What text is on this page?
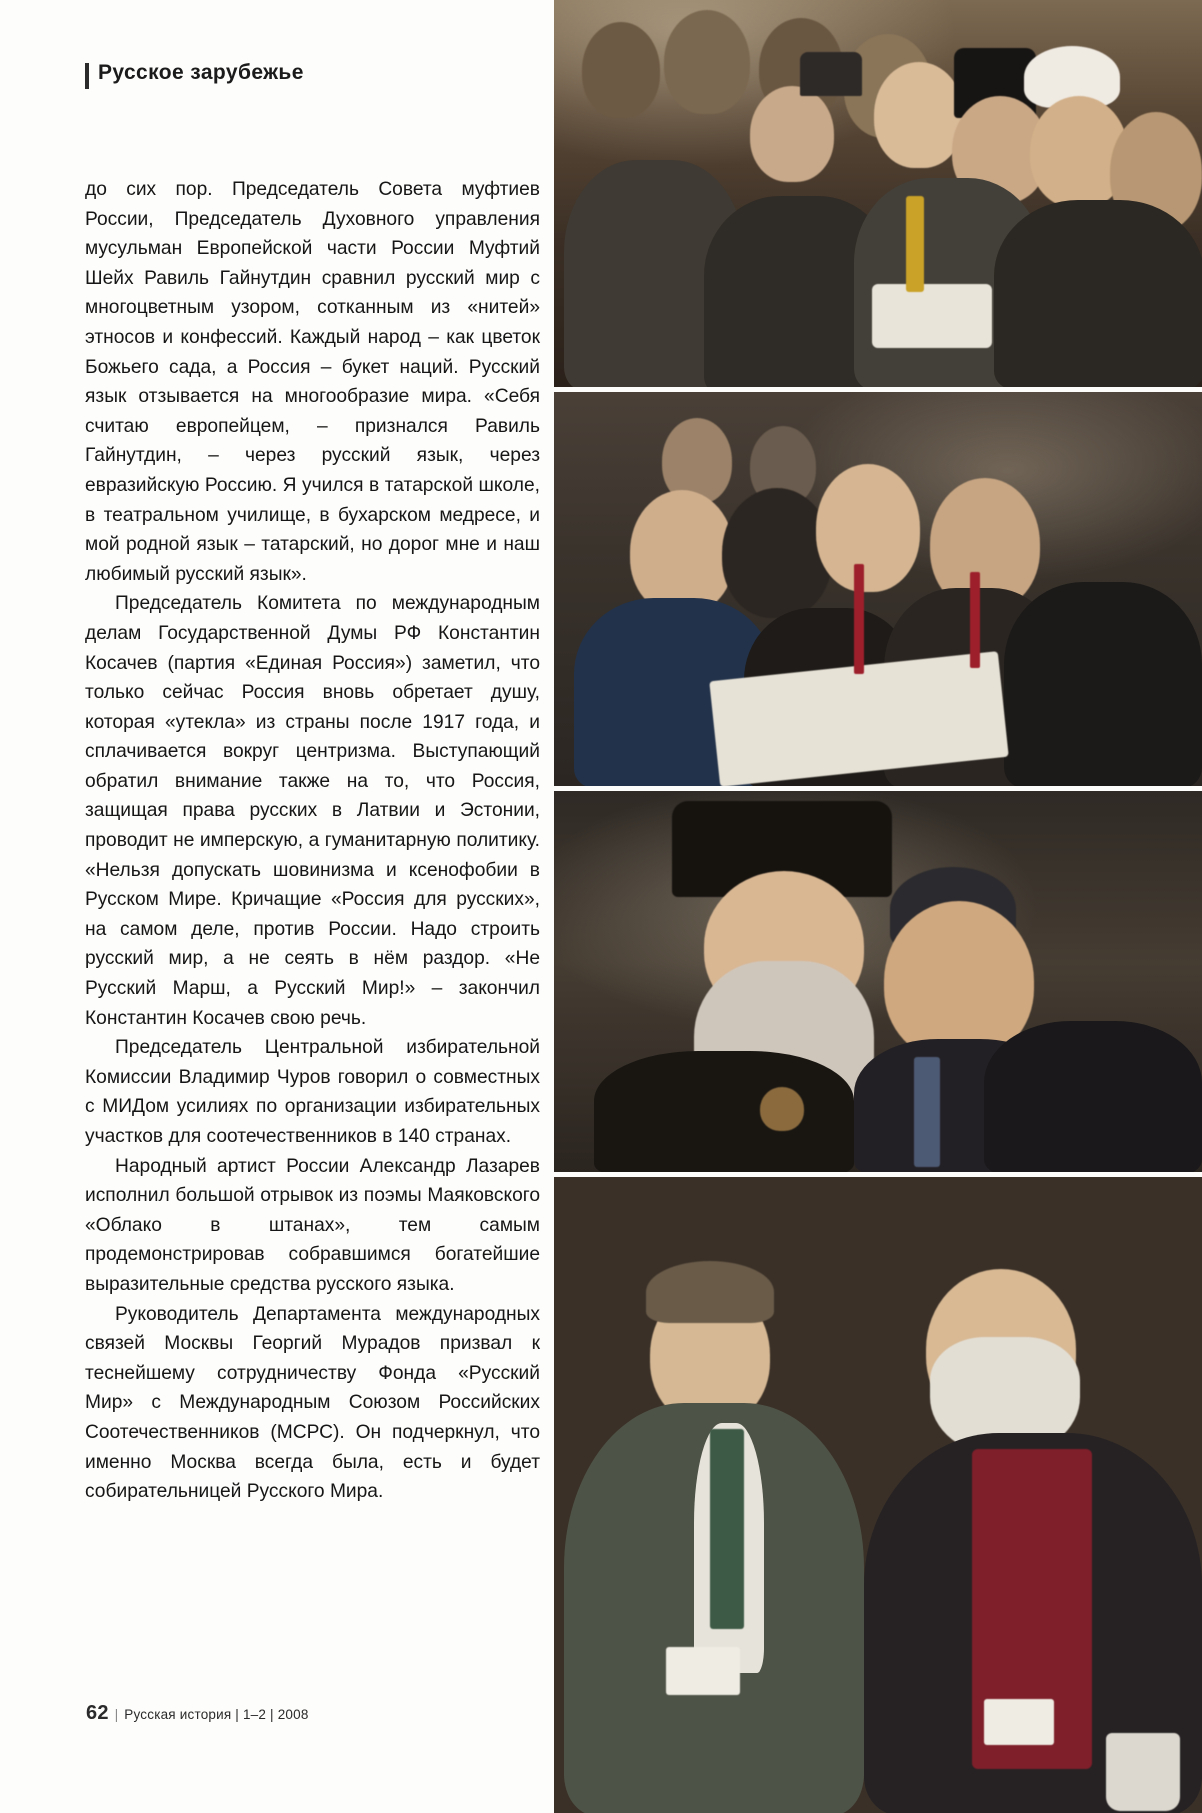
Русское зарубежье

до сих пор. Председатель Совета муфтиев России, Председатель Духовного управления мусульман Европейской части России Муфтий Шейх Равиль Гайнутдин сравнил русский мир с многоцветным узором, сотканным из «нитей» этносов и конфессий. Каждый народ – как цветок Божьего сада, а Россия – букет наций. Русский язык отзывается на многообразие мира. «Себя считаю европейцем, – признался Равиль Гайнутдин, – через русский язык, через евразийскую Россию. Я учился в татарской школе, в театральном училище, в бухарском медресе, и мой родной язык – татарский, но дорог мне и наш любимый русский язык».

Председатель Комитета по международным делам Государственной Думы РФ Константин Косачев (партия «Единая Россия») заметил, что только сейчас Россия вновь обретает душу, которая «утекла» из страны после 1917 года, и сплачивается вокруг центризма. Выступающий обратил внимание также на то, что Россия, защищая права русских в Латвии и Эстонии, проводит не имперскую, а гуманитарную политику. «Нельзя допускать шовинизма и ксенофобии в Русском Мире. Кричащие «Россия для русских», на самом деле, против России. Надо строить русский мир, а не сеять в нём раздор. «Не Русский Марш, а Русский Мир!» – закончил Константин Косачев свою речь.

Председатель Центральной избирательной Комиссии Владимир Чуров говорил о совместных с МИДом усилиях по организации избирательных участков для соотечественников в 140 странах.

Народный артист России Александр Лазарев исполнил большой отрывок из поэмы Маяковского «Облако в штанах», тем самым продемонстрировав собравшимся богатейшие выразительные средства русского языка.

Руководитель Департамента международных связей Москвы Георгий Мурадов призвал к теснейшему сотрудничеству Фонда «Русский Мир» с Международным Союзом Российских Соотечественников (МСРС). Он подчеркнул, что именно Москва всегда была, есть и будет собирательницей Русского Мира.

62 | Русская история | 1–2 | 2008
